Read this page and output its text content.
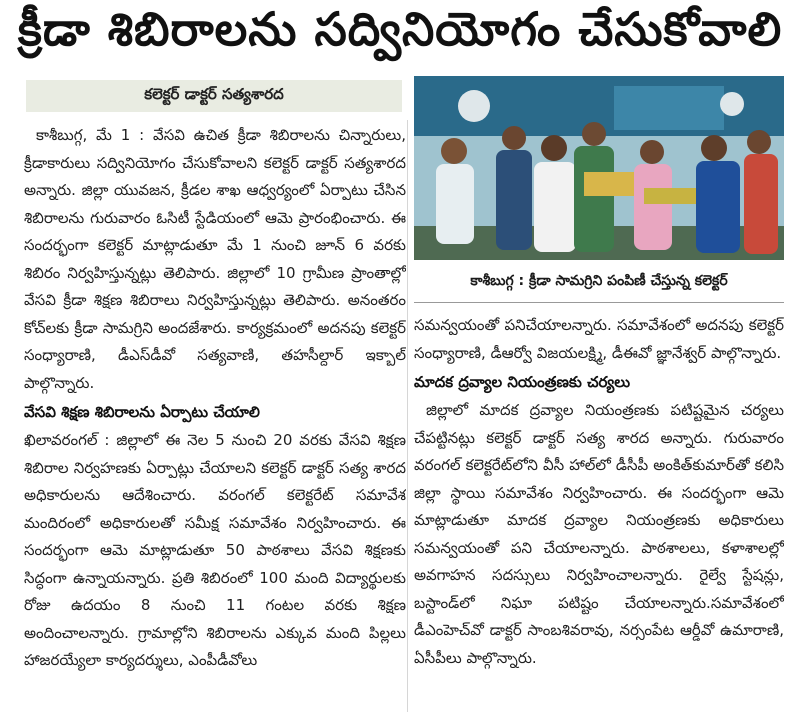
క్రీడా శిబిరాలను సద్వినియోగం చేసుకోవాలి
కలెక్టర్ డాక్టర్ సత్యశారద

కాశీబుగ్గ, మే 1 : వేసవి ఉచిత క్రీడా శిబిరాలను చిన్నారులు, క్రీడాకారులు సద్వినియోగం చేసుకోవాలని కలెక్టర్ డాక్టర్ సత్యశారద అన్నారు. జిల్లా యువజన, క్రీడల శాఖ ఆధ్వర్యంలో ఏర్పాటు చేసిన శిబిరాలను గురువారం ఓసిటీ స్టేడియంలో ఆమె ప్రారంభించారు. ఈ సందర్భంగా కలెక్టర్ మాట్లాడుతూ మే 1 నుంచి జూన్ 6 వరకు శిబిరం నిర్వహిస్తున్నట్లు తెలిపారు. జిల్లాలో 10 గ్రామీణ ప్రాంతాల్లో వేసవి క్రీడా శిక్షణ శిబిరాలు నిర్వహిస్తున్నట్లు తెలిపారు. అనంతరం కోచ్‌లకు క్రీడా సామగ్రిని అందజేశారు. కార్యక్రమంలో అదనపు కలెక్టర్ సంధ్యారాణి, డీఎస్‌డీవో సత్యవాణి, తహసీల్దార్ ఇక్బాల్ పాల్గొన్నారు.

వేసవి శిక్షణ శిబిరాలను ఏర్పాటు చేయాలి

ఖిలావరంగల్ : జిల్లాలో ఈ నెల 5 నుంచి 20 వరకు వేసవి శిక్షణ శిబిరాల నిర్వహణకు ఏర్పాట్లు చేయాలని కలెక్టర్ డాక్టర్ సత్య శారద అధికారులను ఆదేశించారు. వరంగల్ కలెక్టరేట్ సమావేశ మందిరంలో అధికారులతో సమీక్ష సమావేశం నిర్వహించారు. ఈ సందర్భంగా ఆమె మాట్లాడుతూ 50 పాఠశాలు వేసవి శిక్షణకు సిద్ధంగా ఉన్నాయన్నారు. ప్రతి శిబిరంలో 100 మంది విద్యార్థులకు రోజు ఉదయం 8 నుంచి 11 గంటల వరకు శిక్షణ అందించాలన్నారు. గ్రామాల్లోని శిబిరాలను ఎక్కువ మంది పిల్లలు హాజరయ్యేలా కార్యదర్శులు, ఎంపీడీవోలు

కాశీబుగ్గ : క్రీడా సామగ్రిని పంపిణీ చేస్తున్న కలెక్టర్

సమన్వయంతో పనిచేయాలన్నారు. సమావేశంలో అదనపు కలెక్టర్ సంధ్యారాణి, డీఆర్వో విజయలక్ష్మి, డీఈవో జ్ఞానేశ్వర్ పాల్గొన్నారు.

మాదక ద్రవ్యాల నియంత్రణకు చర్యలు

జిల్లాలో మాదక ద్రవ్యాల నియంత్రణకు పటిష్టమైన చర్యలు చేపట్టినట్లు కలెక్టర్ డాక్టర్ సత్య శారద అన్నారు. గురువారం వరంగల్ కలెక్టరేట్‌లోని వీసీ హాల్‌లో డీసీపీ అంకిత్‌కుమార్‌తో కలిసి జిల్లా స్థాయి సమావేశం నిర్వహించారు. ఈ సందర్భంగా ఆమె మాట్లాడుతూ మాదక ద్రవ్యాల నియంత్రణకు అధికారులు సమన్వయంతో పని చేయాలన్నారు. పాఠశాలలు, కళాశాలల్లో అవగాహన సదస్సులు నిర్వహించాలన్నారు. రైల్వే స్టేషన్లు, బస్టాండ్‌లో నిఘా పటిష్టం చేయాలన్నారు.సమావేశంలో డీఎంహెచ్‌వో డాక్టర్ సాంబశివరావు, నర్సంపేట ఆర్డీవో ఉమారాణి, ఏసీపీలు పాల్గొన్నారు.
